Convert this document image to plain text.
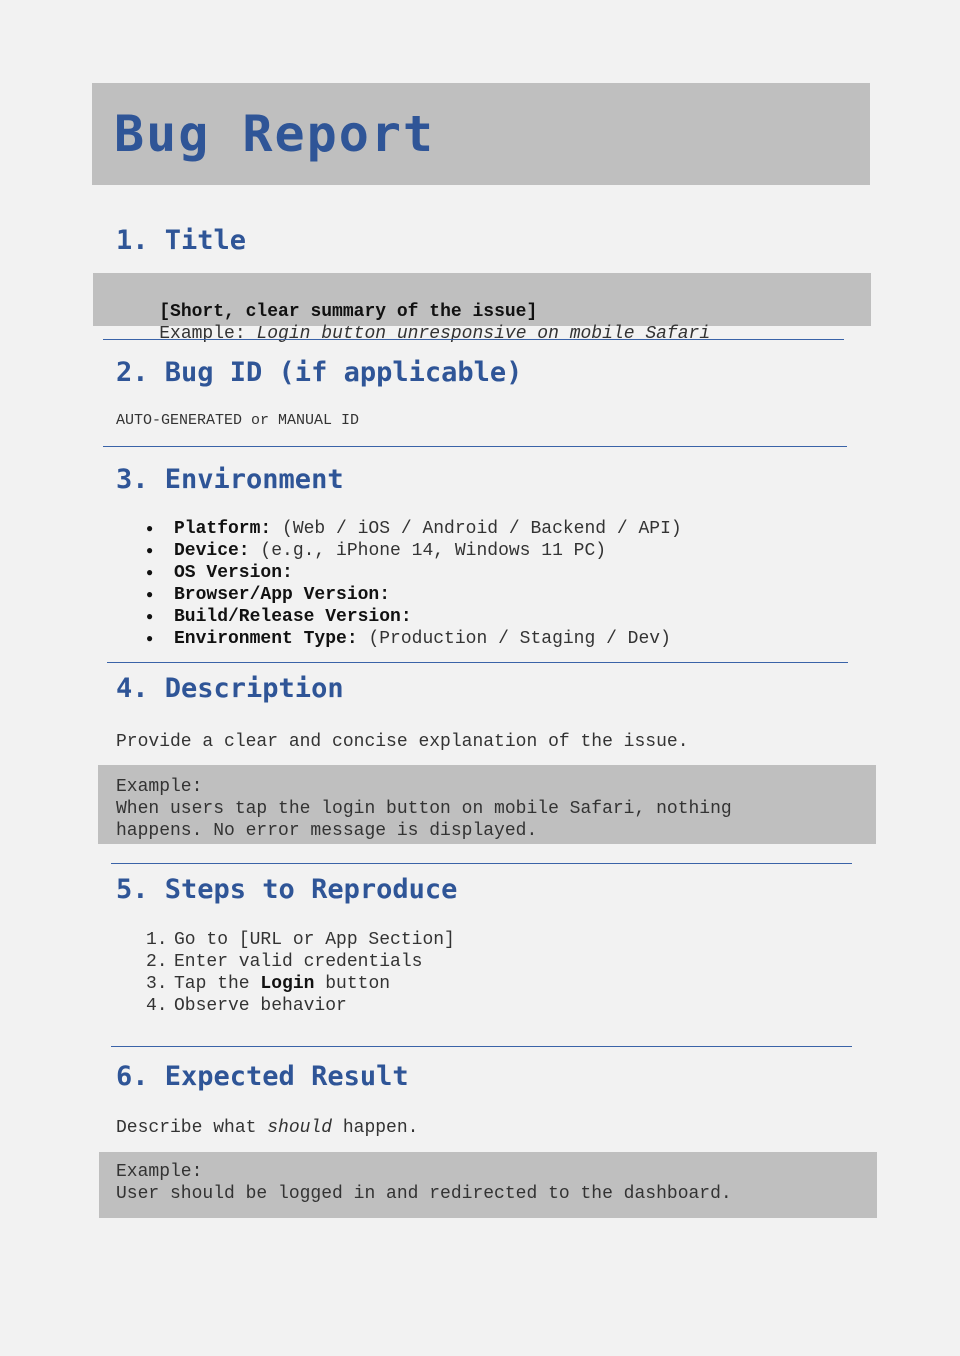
Bug Report
1. Title

[Short, clear summary of the issue]

Example: Login button unresponsive on mobile Safari

2. Bug ID (if applicable)
AUTO-GENERATED or MANUAL ID
3. Environment
● Platform: (Web / iOS / Android / Backend / API)
● Device: (e.g., iPhone 14, Windows 11 PC)
● OS Version:
● Browser/App Version:
● Build/Release Version:
● Environment Type: (Production / Staging / Dev)
4. Description
Provide a clear and concise explanation of the issue.
Example:
When users tap the login button on mobile Safari, nothing
happens. No error message is displayed.
5. Steps to Reproduce
1. Go to [URL or App Section]
2. Enter valid credentials
3. Tap the Login button
4. Observe behavior
6. Expected Result
Describe what should happen.
Example:
User should be logged in and redirected to the dashboard.
